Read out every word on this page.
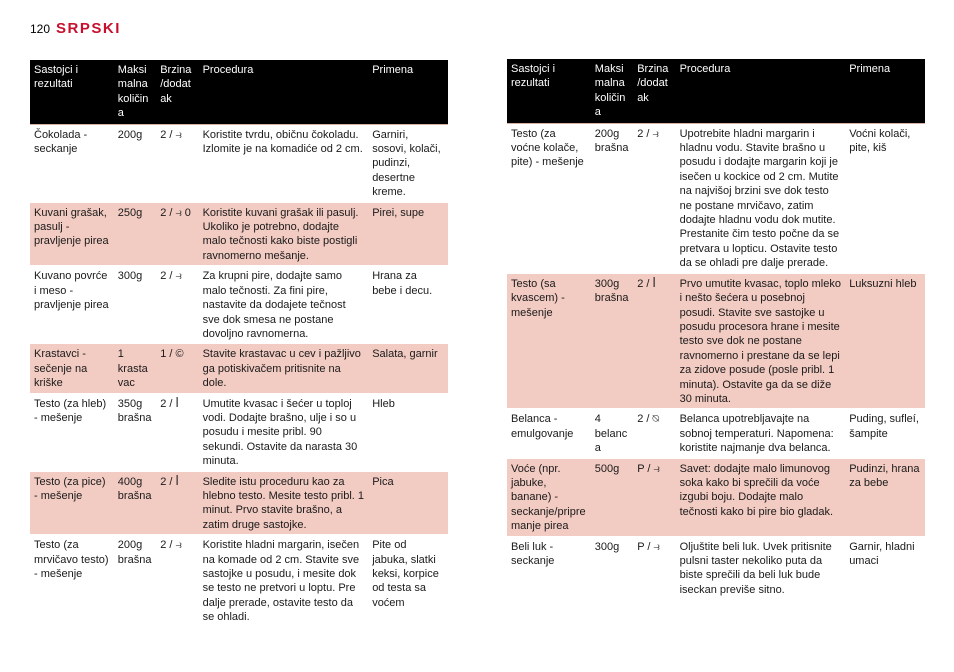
120 SRPSKI
Sastojci i rezultati	Maksi malna količin a	Brzina /dodat ak	Procedura	Primena
Čokolada - seckanje	200g	2 / ⥽	Koristite tvrdu, običnu čokoladu. Izlomite je na komadiće od 2 cm.	Garniri, sosovi, kolači, pudinzi, desertne kreme.
Kuvani grašak, pasulj - pravljenje pirea	250g	2 / ⥽ 0	Koristite kuvani grašak ili pasulj. Ukoliko je potrebno, dodajte malo tečnosti kako biste postigli ravnomerno mešanje.	Pirei, supe
Kuvano povrće i meso - pravljenje pirea	300g	2 / ⥽	Za krupni pire, dodajte samo malo tečnosti. Za fini pire, nastavite da dodajete tečnost sve dok smesa ne postane dovoljno ravnomerna.	Hrana za bebe i decu.
Krastavci - sečenje na kriške	1 krasta vac	1 / ©	Stavite krastavac u cev i pažljivo ga potiskivačem pritisnite na dole.	Salata, garnir
Testo (za hleb) - mešenje	350g brašna	2 / ꟾ	Umutite kvasac i šećer u toploj vodi. Dodajte brašno, ulje i so u posudu i mesite pribl. 90 sekundi. Ostavite da narasta 30 minuta.	Hleb
Testo (za pice) - mešenje	400g brašna	2 / ꟾ	Sledite istu proceduru kao za hlebno testo. Mesite testo pribl. 1 minut. Prvo stavite brašno, a zatim druge sastojke.	Pica
Testo (za mrvičavo testo) - mešenje	200g brašna	2 / ⥽	Koristite hladni margarin, isečen na komade od 2 cm. Stavite sve sastojke u posudu, i mesite dok se testo ne pretvori u loptu. Pre dalje prerade, ostavite testo da se ohladi.	Pite od jabuka, slatki keksi, korpice od testa sa voćem
Sastojci i rezultati	Maksi malna količin a	Brzina /dodat ak	Procedura	Primena
Testo (za voćne kolače, pite) - mešenje	200g brašna	2 / ⥽	Upotrebite hladni margarin i hladnu vodu. Stavite brašno u posudu i dodajte margarin koji je isečen u kockice od 2 cm. Mutite na najvišoj brzini sve dok testo ne postane mrvičavo, zatim dodajte hladnu vodu dok mutite. Prestanite čim testo počne da se pretvara u lopticu. Ostavite testo da se ohladi pre dalje prerade.	Voćni kolači, pite, kiš
Testo (sa kvascem) - mešenje	300g brašna	2 / ꟾ	Prvo umutite kvasac, toplo mleko i nešto šećera u posebnoj posudi. Stavite sve sastojke u posudu procesora hrane i mesite testo sve dok ne postane ravnomerno i prestane da se lepi za zidove posude (posle pribl. 1 minuta). Ostavite ga da se diže 30 minuta.	Luksuzni hleb
Belanca - emulgovanje	4 belanc a	2 / ⍉	Belanca upotrebljavajte na sobnoj temperaturi. Napomena: koristite najmanje dva belanca.	Puding, sufleí, šampite
Voće (npr. jabuke, banane) - seckanje/pripre manje pirea	500g	P / ⥽	Savet: dodajte malo limunovog soka kako bi sprečili da voće izgubi boju. Dodajte malo tečnosti kako bi pire bio gladak.	Pudinzi, hrana za bebe
Beli luk - seckanje	300g	P / ⥽	Oljuštite beli luk. Uvek pritisnite pulsni taster nekoliko puta da biste sprečili da beli luk bude iseckan previše sitno.	Garnir, hladni umaci
